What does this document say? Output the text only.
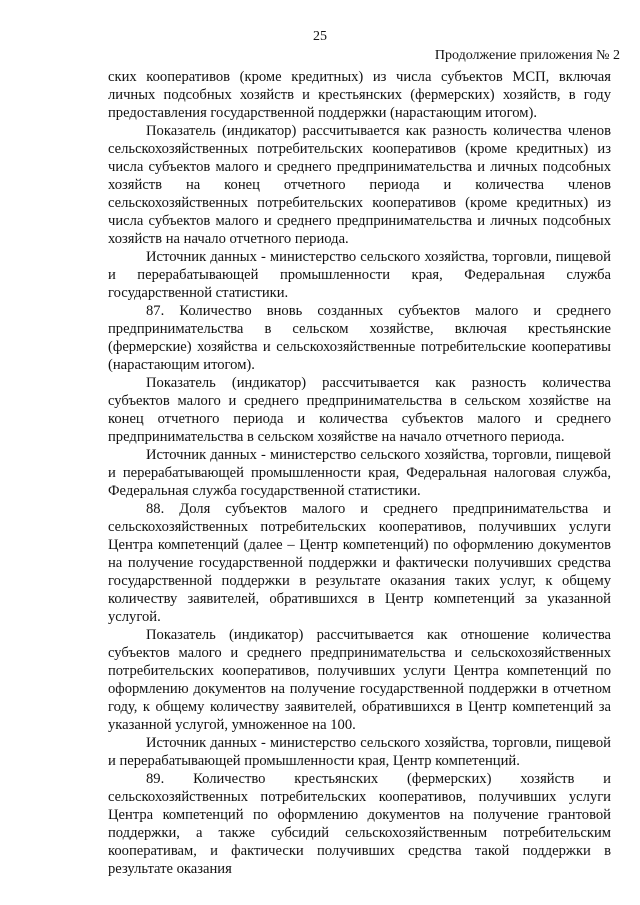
25
Продолжение приложения № 2

ских кооперативов (кроме кредитных) из числа субъектов МСП, включая личных подсобных хозяйств и крестьянских (фермерских) хозяйств, в году предоставления государственной поддержки (нарастающим итогом).

Показатель (индикатор) рассчитывается как разность количества членов сельскохозяйственных потребительских кооперативов (кроме кредитных) из числа субъектов малого и среднего предпринимательства и личных подсобных хозяйств на конец отчетного периода и количества членов сельскохозяйственных потребительских кооперативов (кроме кредитных) из числа субъектов малого и среднего предпринимательства и личных подсобных хозяйств на начало отчетного периода.

Источник данных - министерство сельского хозяйства, торговли, пищевой и перерабатывающей промышленности края, Федеральная служба государственной статистики.

87. Количество вновь созданных субъектов малого и среднего предпринимательства в сельском хозяйстве, включая крестьянские (фермерские) хозяйства и сельскохозяйственные потребительские кооперативы (нарастающим итогом).

Показатель (индикатор) рассчитывается как разность количества субъектов малого и среднего предпринимательства в сельском хозяйстве на конец отчетного периода и количества субъектов малого и среднего предпринимательства в сельском хозяйстве на начало отчетного периода.

Источник данных - министерство сельского хозяйства, торговли, пищевой и перерабатывающей промышленности края, Федеральная налоговая служба, Федеральная служба государственной статистики.

88. Доля субъектов малого и среднего предпринимательства и сельскохозяйственных потребительских кооперативов, получивших услуги Центра компетенций (далее – Центр компетенций) по оформлению документов на получение государственной поддержки и фактически получивших средства государственной поддержки в результате оказания таких услуг, к общему количеству заявителей, обратившихся в Центр компетенций за указанной услугой.

Показатель (индикатор) рассчитывается как отношение количества субъектов малого и среднего предпринимательства и сельскохозяйственных потребительских кооперативов, получивших услуги Центра компетенций по оформлению документов на получение государственной поддержки в отчетном году, к общему количеству заявителей, обратившихся в Центр компетенций за указанной услугой, умноженное на 100.

Источник данных - министерство сельского хозяйства, торговли, пищевой и перерабатывающей промышленности края, Центр компетенций.

89. Количество крестьянских (фермерских) хозяйств и сельскохозяйственных потребительских кооперативов, получивших услуги Центра компетенций по оформлению документов на получение грантовой поддержки, а также субсидий сельскохозяйственным потребительским кооперативам, и фактически получивших средства такой поддержки в результате оказания
